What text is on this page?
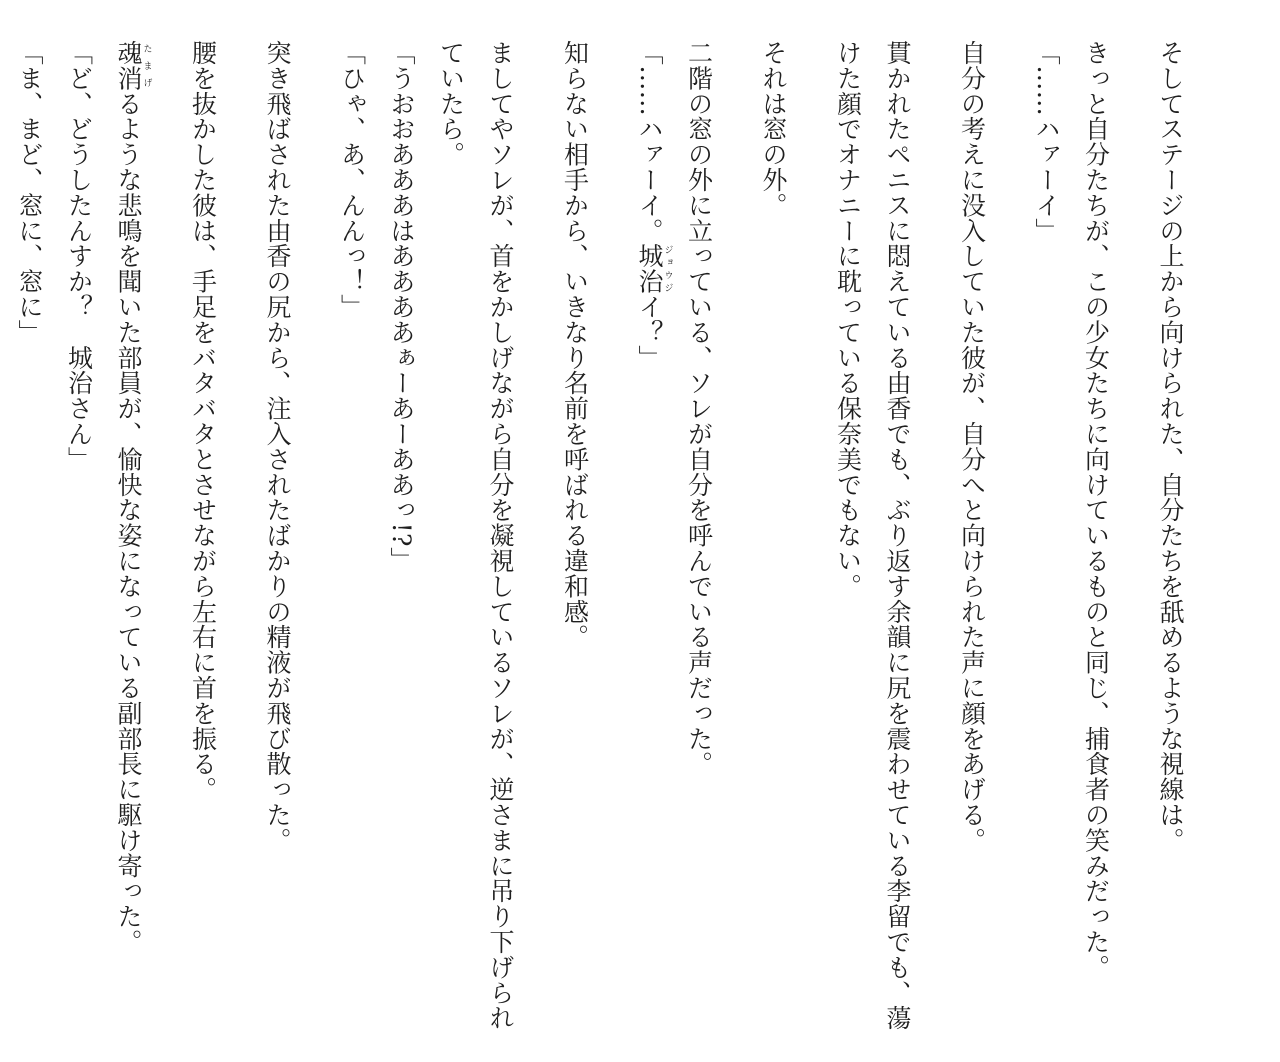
そしてステージの上から向けられた、自分たちを舐めるような視線は。
きっと自分たちが、この少女たちに向けているものと同じ、捕食者の笑みだった。
「……ハァーイ」
自分の考えに没入していた彼が、自分へと向けられた声に顔をあげる。
貫かれたペニスに悶えている由香でも、ぶり返す余韻に尻を震わせている李留でも、蕩
けた顔でオナニーに耽っている保奈美でもない。
それは窓の外。
二階の窓の外に立っている、ソレが自分を呼んでいる声だった。
「……ハァーイ。城治ジョウジイ？」
知らない相手から、いきなり名前を呼ばれる違和感。
ましてやソレが、首をかしげながら自分を凝視しているソレが、逆さまに吊り下げられ
ていたら。
「うおおあああはああああぁーあーああっ!?」
「ひゃ、あ、んんっ！」
突き飛ばされた由香の尻から、注入されたばかりの精液が飛び散った。
腰を抜かした彼は、手足をバタバタとさせながら左右に首を振る。
魂消たまげるような悲鳴を聞いた部員が、愉快な姿になっている副部長に駆け寄った。
「ど、どうしたんすか？　城治さん」
「ま、まど、窓に、窓に」
